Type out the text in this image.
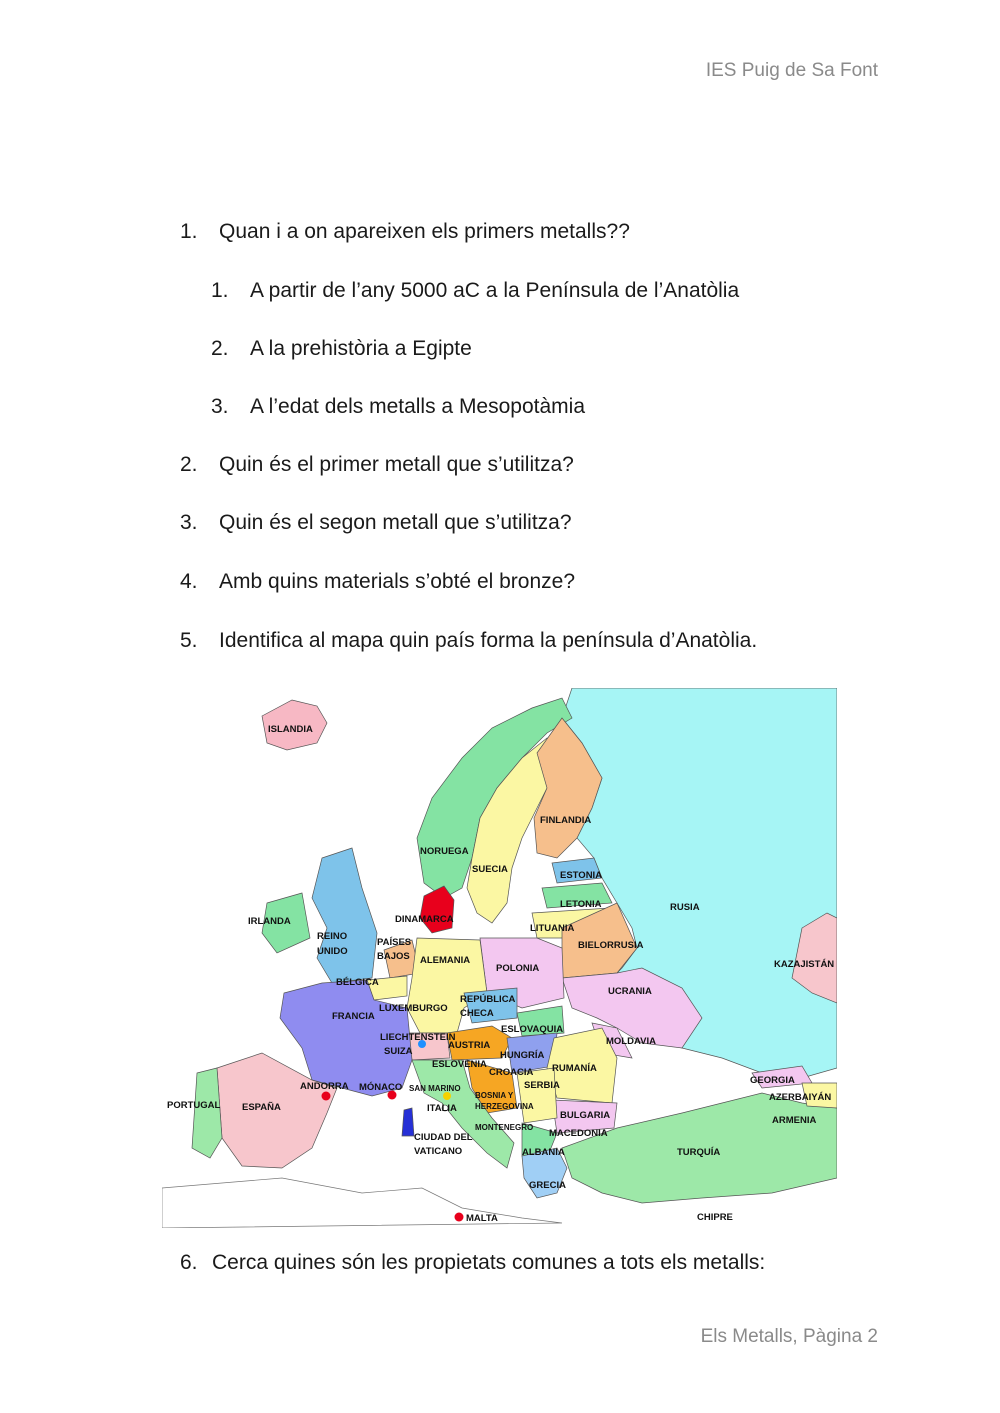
IES Puig de Sa Font
1. Quan i a on apareixen els primers metalls??
1. A partir de l’any 5000 aC a la Península de l’Anatòlia
2. A la prehistòria a Egipte
3. A l’edat dels metalls a Mesopotàmia
2. Quin és el primer metall que s’utilitza?
3. Quin és el segon metall que s’utilitza?
4. Amb quins materials s’obté el bronze?
5. Identifica al mapa quin país forma la península d’Anatòlia.
ISLANDIA
FINLANDIA
NORUEGA
SUECIA
ESTONIA
LETONIA	RUSIA
IRLANDA	DINAMARCA
LITUANIA
BIELORRUSIA
REINO
UNIDO
PAÍSES
BAJOS ALEMANIA
POLONIA	KAZAJISTÁN
BÉLGICA
UCRANIA
REPÚBLICA
CHECA
LUXEMBURGO
FRANCIA
ESLOVAQUIA
LIECHTENSTEIN
AUSTRIA	MOLDAVIA
SUIZA	HUNGRÍA
ESLOVENIA
CROACIA RUMANÍA
GEORGIA
ANDORRA MÓNACO SAN MARINO	SERBIA
AZERBAIYÁN
PORTUGAL ESPAÑA	ITALIA
BOSNIA Y
HERZEGOVINA
BULGARIA	ARMENIA
MONTENEGRO
MACEDONIA
CIUDAD DEL
VATICANO	ALBANIA	TURQUÍA
GRECIA
MALTA	CHIPRE
6. Cerca quines són les propietats comunes a tots els metalls:
Els Metalls, Pàgina 2
